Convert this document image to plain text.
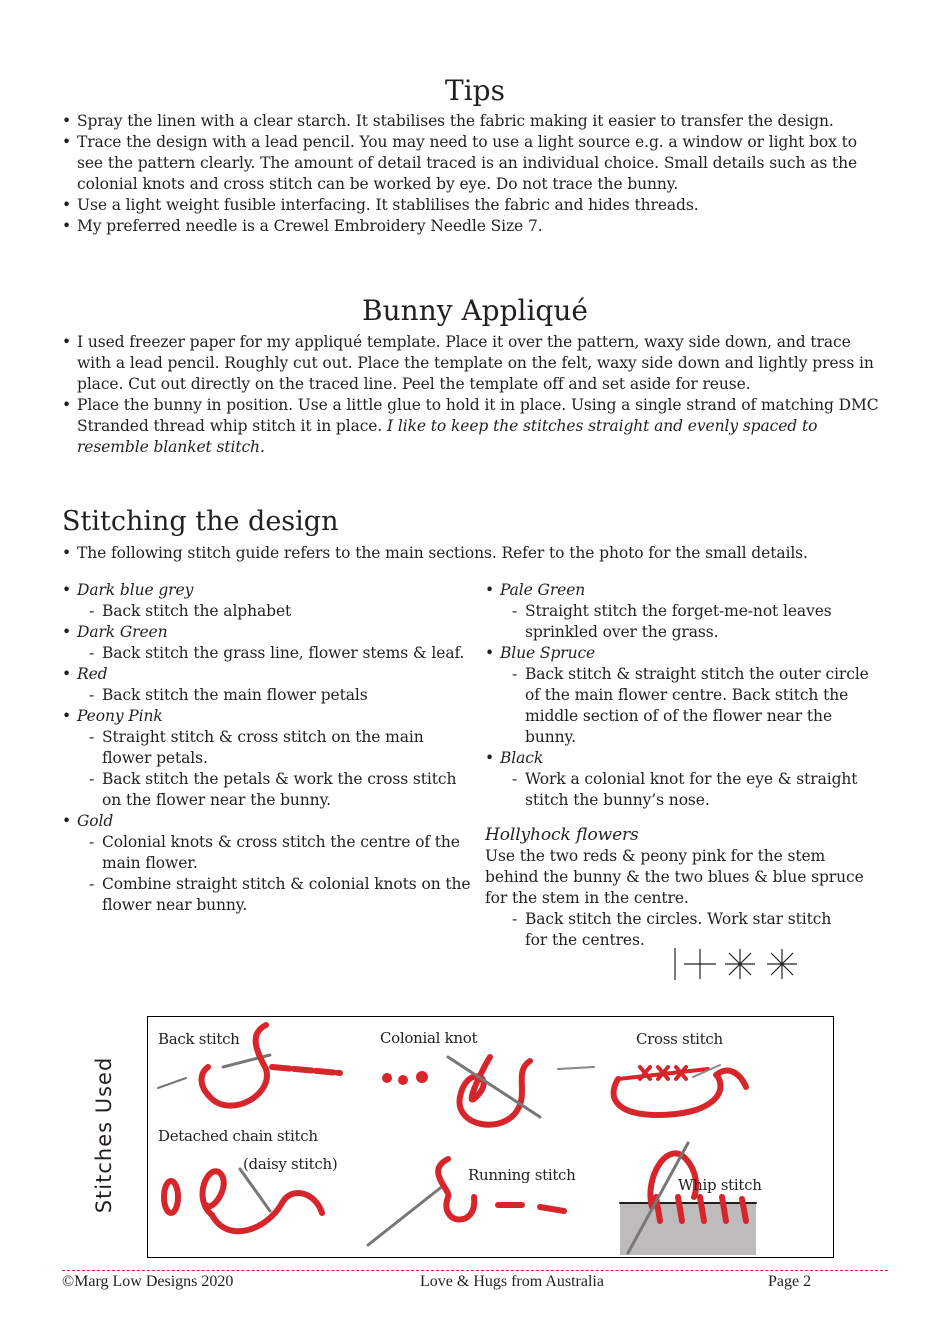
Tips
• Spray the linen with a clear starch. It stabilises the fabric making it easier to transfer the design.
• Trace the design with a lead pencil. You may need to use a light source e.g. a window or light box to see the pattern clearly. The amount of detail traced is an individual choice. Small details such as the colonial knots and cross stitch can be worked by eye. Do not trace the bunny.
• Use a light weight fusible interfacing. It stablilises the fabric and hides threads.
• My preferred needle is a Crewel Embroidery Needle Size 7.
Bunny Appliqué
• I used freezer paper for my appliqué template. Place it over the pattern, waxy side down, and trace with a lead pencil. Roughly cut out. Place the template on the felt, waxy side down and lightly press in place. Cut out directly on the traced line. Peel the template off and set aside for reuse.
• Place the bunny in position. Use a little glue to hold it in place. Using a single strand of matching DMC Stranded thread whip stitch it in place. I like to keep the stitches straight and evenly spaced to resemble blanket stitch.
Stitching the design
• The following stitch guide refers to the main sections. Refer to the photo for the small details.
• Dark blue grey
- Back stitch the alphabet
• Dark Green
- Back stitch the grass line, flower stems & leaf.
• Red
- Back stitch the main flower petals
• Peony Pink
- Straight stitch & cross stitch on the main flower petals.
- Back stitch the petals & work the cross stitch on the flower near the bunny.
• Gold
- Colonial knots & cross stitch the centre of the main flower.
- Combine straight stitch & colonial knots on the flower near bunny.
• Pale Green
- Straight stitch the forget-me-not leaves sprinkled over the grass.
• Blue Spruce
- Back stitch & straight stitch the outer circle of the main flower centre. Back stitch the middle section of of the flower near the bunny.
• Black
- Work a colonial knot for the eye & straight stitch the bunny’s nose.
Hollyhock flowers
Use the two reds & peony pink for the stem behind the bunny & the two blues & blue spruce for the stem in the centre.
- Back stitch the circles. Work star stitch for the centres.
Stitches Used
Back stitch	Colonial knot	Cross stitch
Detached chain stitch
(daisy stitch)
Running stitch
Whip stitch
©Marg Low Designs 2020	Love & Hugs from Australia	Page 2
